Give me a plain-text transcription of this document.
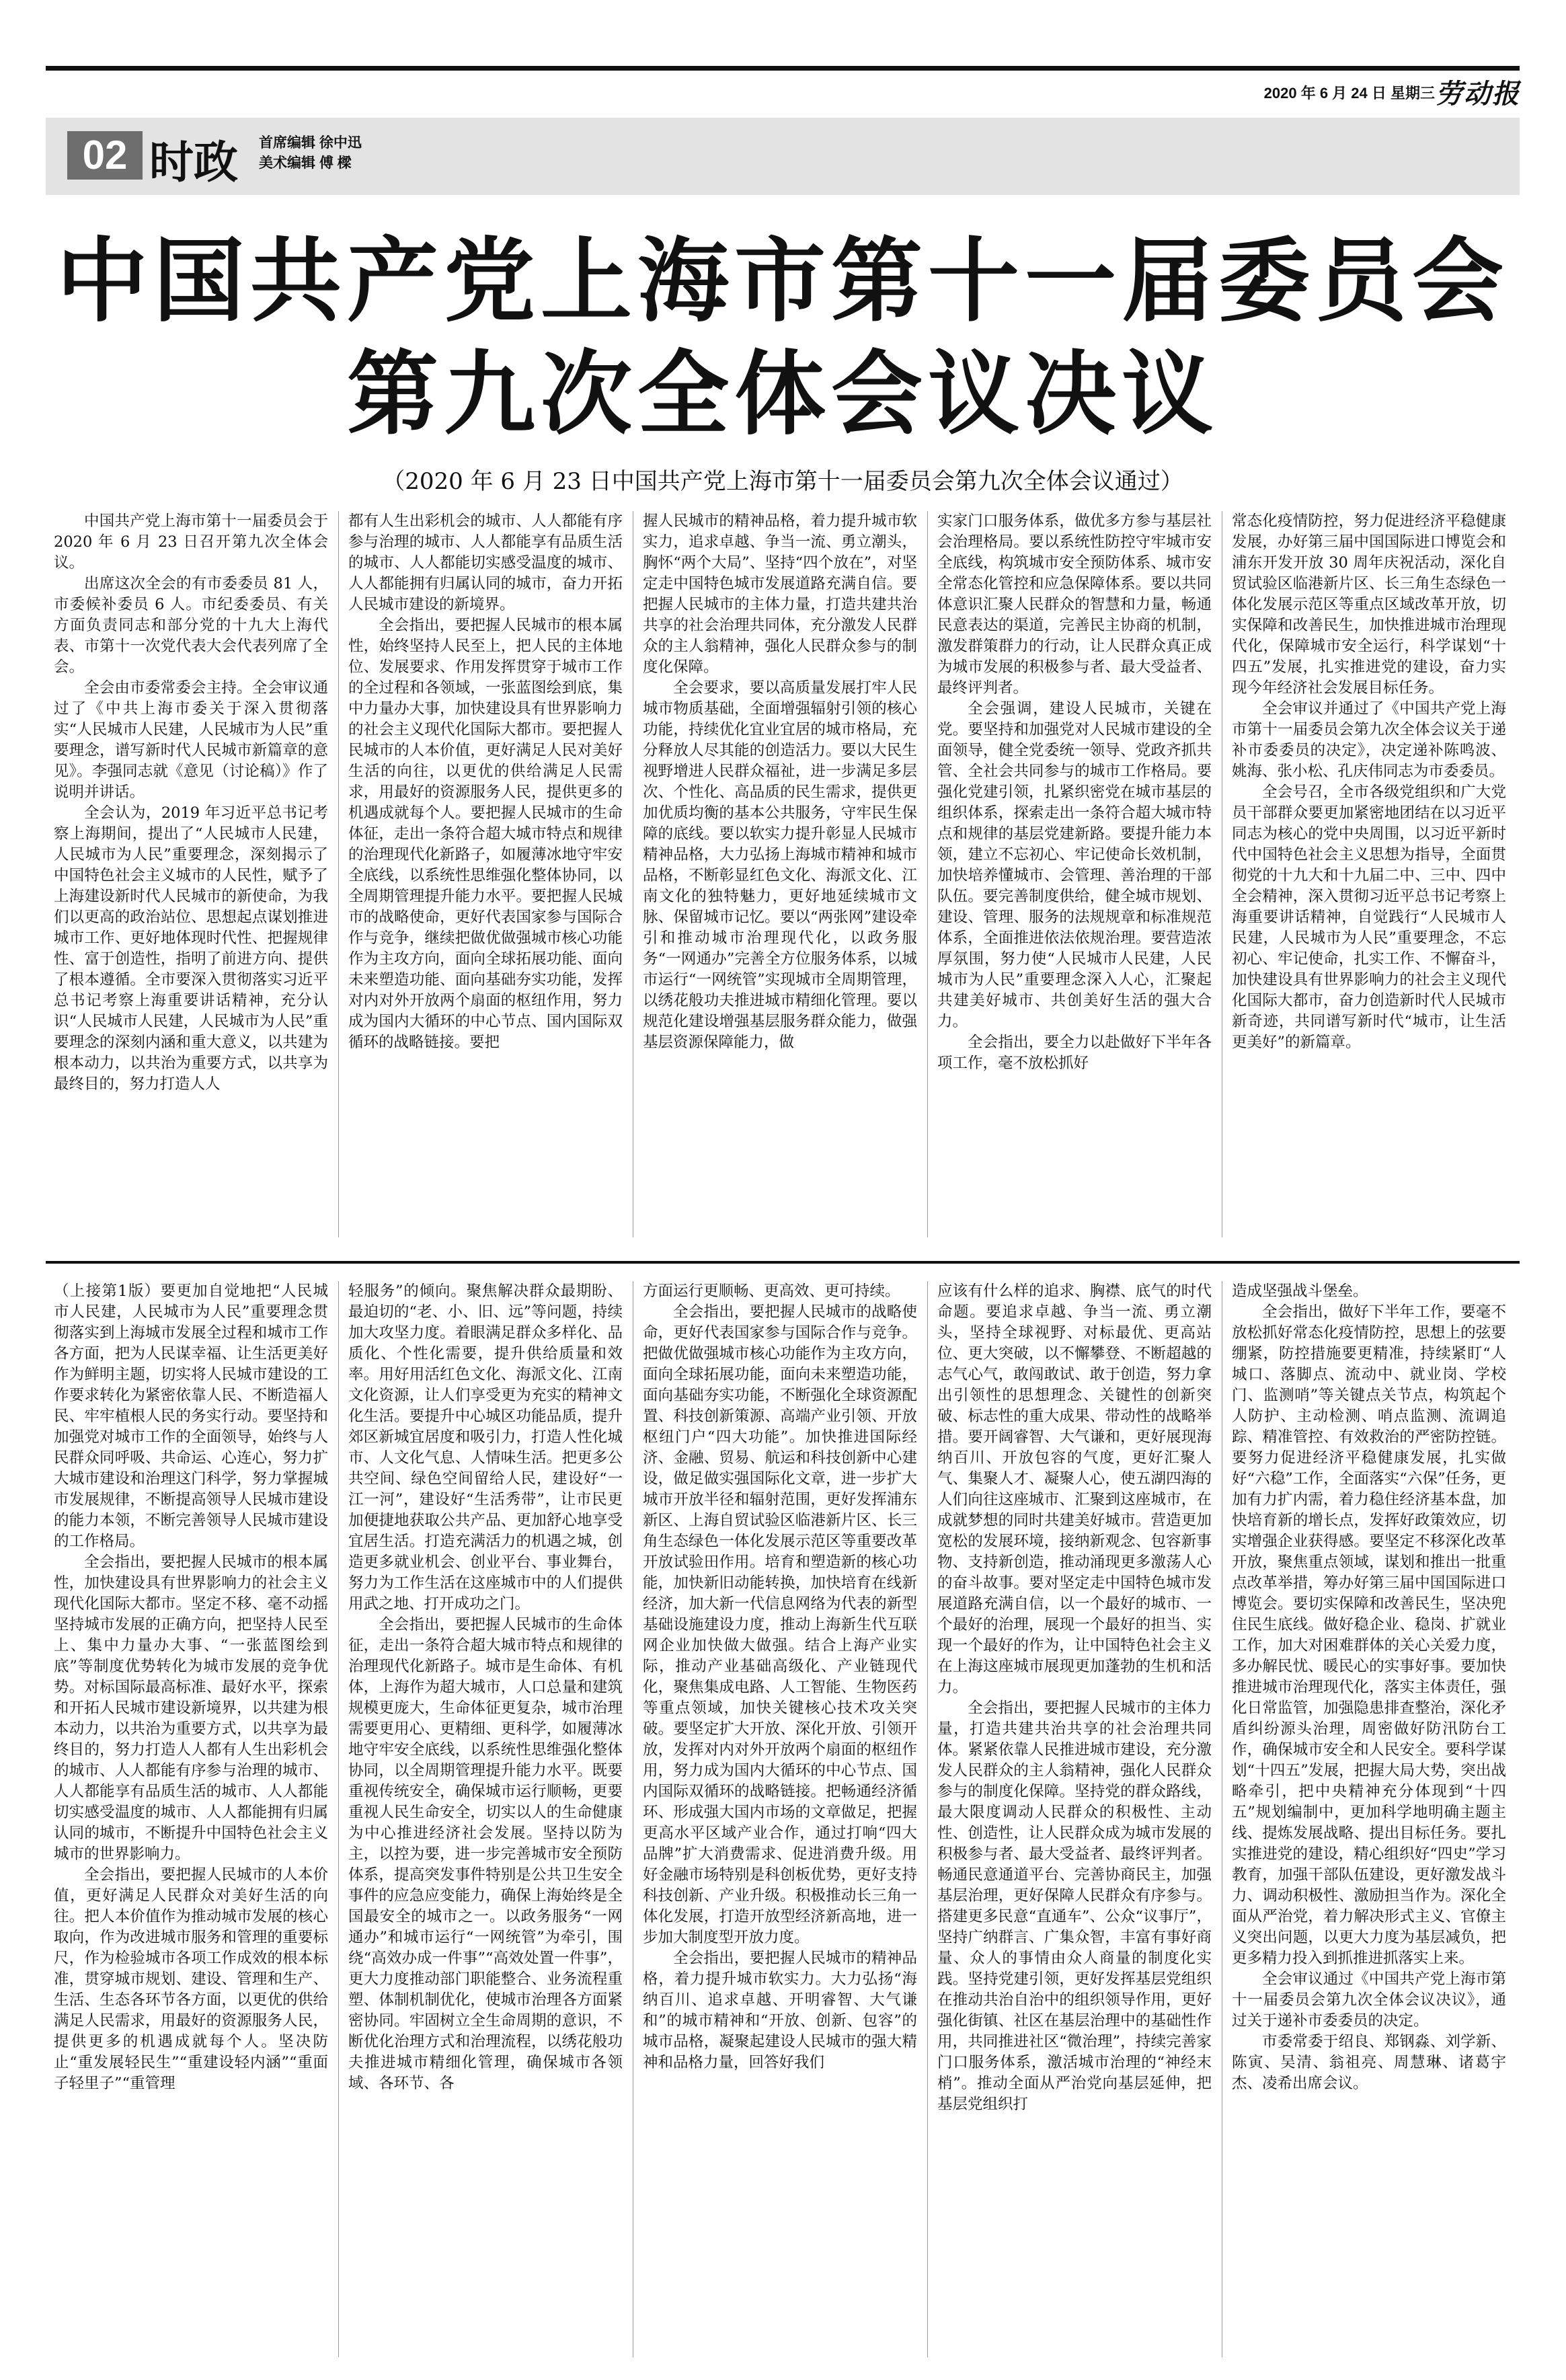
2020 年 6 月 24 日 星期三 劳动报
02 时政 首席编辑 徐中迅
美术编辑 傅 樑
中国共产党上海市第十一届委员会
第九次全体会议决议
（2020 年 6 月 23 日中国共产党上海市第十一届委员会第九次全体会议通过）

中国共产党上海市第十一届委员会于 2020 年 6 月 23 日召开第九次全体会议。

出席这次全会的有市委委员 81 人，市委候补委员 6 人。市纪委委员、有关方面负责同志和部分党的十九大上海代表、市第十一次党代表大会代表列席了全会。

全会由市委常委会主持。全会审议通过了《中共上海市委关于深入贯彻落实“人民城市人民建，人民城市为人民”重要理念，谱写新时代人民城市新篇章的意见》。李强同志就《意见（讨论稿）》作了说明并讲话。

全会认为，2019 年习近平总书记考察上海期间，提出了“人民城市人民建，人民城市为人民”重要理念，深刻揭示了中国特色社会主义城市的人民性，赋予了上海建设新时代人民城市的新使命，为我们以更高的政治站位、思想起点谋划推进城市工作、更好地体现时代性、把握规律性、富于创造性，指明了前进方向、提供了根本遵循。全市要深入贯彻落实习近平总书记考察上海重要讲话精神，充分认识“人民城市人民建，人民城市为人民”重要理念的深刻内涵和重大意义，以共建为根本动力，以共治为重要方式，以共享为最终目的，努力打造人人

都有人生出彩机会的城市、人人都能有序参与治理的城市、人人都能享有品质生活的城市、人人都能切实感受温度的城市、人人都能拥有归属认同的城市，奋力开拓人民城市建设的新境界。

全会指出，要把握人民城市的根本属性，始终坚持人民至上，把人民的主体地位、发展要求、作用发挥贯穿于城市工作的全过程和各领域，一张蓝图绘到底，集中力量办大事，加快建设具有世界影响力的社会主义现代化国际大都市。要把握人民城市的人本价值，更好满足人民对美好生活的向往，以更优的供给满足人民需求，用最好的资源服务人民，提供更多的机遇成就每个人。要把握人民城市的生命体征，走出一条符合超大城市特点和规律的治理现代化新路子，如履薄冰地守牢安全底线，以系统性思维强化整体协同，以全周期管理提升能力水平。要把握人民城市的战略使命，更好代表国家参与国际合作与竞争，继续把做优做强城市核心功能作为主攻方向，面向全球拓展功能、面向未来塑造功能、面向基础夯实功能，发挥对内对外开放两个扇面的枢纽作用，努力成为国内大循环的中心节点、国内国际双循环的战略链接。要把

握人民城市的精神品格，着力提升城市软实力，追求卓越、争当一流、勇立潮头，胸怀“两个大局”、坚持“四个放在”，对坚定走中国特色城市发展道路充满自信。要把握人民城市的主体力量，打造共建共治共享的社会治理共同体，充分激发人民群众的主人翁精神，强化人民群众参与的制度化保障。

全会要求，要以高质量发展打牢人民城市物质基础，全面增强辐射引领的核心功能，持续优化宜业宜居的城市格局，充分释放人尽其能的创造活力。要以大民生视野增进人民群众福祉，进一步满足多层次、个性化、高品质的民生需求，提供更加优质均衡的基本公共服务，守牢民生保障的底线。要以软实力提升彰显人民城市精神品格，大力弘扬上海城市精神和城市品格，不断彰显红色文化、海派文化、江南文化的独特魅力，更好地延续城市文脉、保留城市记忆。要以“两张网”建设牵引和推动城市治理现代化，以政务服务“一网通办”完善全方位服务体系，以城市运行“一网统管”实现城市全周期管理，以绣花般功夫推进城市精细化管理。要以规范化建设增强基层服务群众能力，做强基层资源保障能力，做

实家门口服务体系，做优多方参与基层社会治理格局。要以系统性防控守牢城市安全底线，构筑城市安全预防体系、城市安全常态化管控和应急保障体系。要以共同体意识汇聚人民群众的智慧和力量，畅通民意表达的渠道，完善民主协商的机制，激发群策群力的行动，让人民群众真正成为城市发展的积极参与者、最大受益者、最终评判者。

全会强调，建设人民城市，关键在党。要坚持和加强党对人民城市建设的全面领导，健全党委统一领导、党政齐抓共管、全社会共同参与的城市工作格局。要强化党建引领，扎紧织密党在城市基层的组织体系，探索走出一条符合超大城市特点和规律的基层党建新路。要提升能力本领，建立不忘初心、牢记使命长效机制，加快培养懂城市、会管理、善治理的干部队伍。要完善制度供给，健全城市规划、建设、管理、服务的法规规章和标准规范体系，全面推进依法依规治理。要营造浓厚氛围，努力使“人民城市人民建，人民城市为人民”重要理念深入人心，汇聚起共建美好城市、共创美好生活的强大合力。

全会指出，要全力以赴做好下半年各项工作，毫不放松抓好

常态化疫情防控，努力促进经济平稳健康发展，办好第三届中国国际进口博览会和浦东开发开放 30 周年庆祝活动，深化自贸试验区临港新片区、长三角生态绿色一体化发展示范区等重点区域改革开放，切实保障和改善民生，加快推进城市治理现代化，保障城市安全运行，科学谋划“十四五”发展，扎实推进党的建设，奋力实现今年经济社会发展目标任务。

全会审议并通过了《中国共产党上海市第十一届委员会第九次全体会议关于递补市委委员的决定》，决定递补陈鸣波、姚海、张小松、孔庆伟同志为市委委员。

全会号召，全市各级党组织和广大党员干部群众要更加紧密地团结在以习近平同志为核心的党中央周围，以习近平新时代中国特色社会主义思想为指导，全面贯彻党的十九大和十九届二中、三中、四中全会精神，深入贯彻习近平总书记考察上海重要讲话精神，自觉践行“人民城市人民建，人民城市为人民”重要理念，不忘初心、牢记使命，扎实工作、不懈奋斗，加快建设具有世界影响力的社会主义现代化国际大都市，奋力创造新时代人民城市新奇迹，共同谱写新时代“城市，让生活更美好”的新篇章。

（上接第1版）要更加自觉地把“人民城市人民建，人民城市为人民”重要理念贯彻落实到上海城市发展全过程和城市工作各方面，把为人民谋幸福、让生活更美好作为鲜明主题，切实将人民城市建设的工作要求转化为紧密依靠人民、不断造福人民、牢牢植根人民的务实行动。要坚持和加强党对城市工作的全面领导，始终与人民群众同呼吸、共命运、心连心，努力扩大城市建设和治理这门科学，努力掌握城市发展规律，不断提高领导人民城市建设的能力本领，不断完善领导人民城市建设的工作格局。

全会指出，要把握人民城市的根本属性，加快建设具有世界影响力的社会主义现代化国际大都市。坚定不移、毫不动摇坚持城市发展的正确方向，把坚持人民至上、集中力量办大事、“一张蓝图绘到底”等制度优势转化为城市发展的竞争优势。对标国际最高标准、最好水平，探索和开拓人民城市建设新境界，以共建为根本动力，以共治为重要方式，以共享为最终目的，努力打造人人都有人生出彩机会的城市、人人都能有序参与治理的城市、人人都能享有品质生活的城市、人人都能切实感受温度的城市、人人都能拥有归属认同的城市，不断提升中国特色社会主义城市的世界影响力。

全会指出，要把握人民城市的人本价值，更好满足人民群众对美好生活的向往。把人本价值作为推动城市发展的核心取向，作为改进城市服务和管理的重要标尺，作为检验城市各项工作成效的根本标准，贯穿城市规划、建设、管理和生产、生活、生态各环节各方面，以更优的供给满足人民需求，用最好的资源服务人民，提供更多的机遇成就每个人。坚决防止“重发展轻民生”“重建设轻内涵”“重面子轻里子”“重管理

轻服务”的倾向。聚焦解决群众最期盼、最迫切的“老、小、旧、远”等问题，持续加大攻坚力度。着眼满足群众多样化、品质化、个性化需要，提升供给质量和效率。用好用活红色文化、海派文化、江南文化资源，让人们享受更为充实的精神文化生活。要提升中心城区功能品质，提升郊区新城宜居度和吸引力，打造人性化城市、人文化气息、人情味生活。把更多公共空间、绿色空间留给人民，建设好“一江一河”，建设好“生活秀带”，让市民更加便捷地获取公共产品、更加舒心地享受宜居生活。打造充满活力的机遇之城，创造更多就业机会、创业平台、事业舞台，努力为工作生活在这座城市中的人们提供用武之地、打开成功之门。

全会指出，要把握人民城市的生命体征，走出一条符合超大城市特点和规律的治理现代化新路子。城市是生命体、有机体，上海作为超大城市，人口总量和建筑规模更庞大，生命体征更复杂，城市治理需要更用心、更精细、更科学，如履薄冰地守牢安全底线，以系统性思维强化整体协同，以全周期管理提升能力水平。既要重视传统安全，确保城市运行顺畅，更要重视人民生命安全，切实以人的生命健康为中心推进经济社会发展。坚持以防为主，以控为要，进一步完善城市安全预防体系，提高突发事件特别是公共卫生安全事件的应急应变能力，确保上海始终是全国最安全的城市之一。以政务服务“一网通办”和城市运行“一网统管”为牵引，围绕“高效办成一件事”“高效处置一件事”，更大力度推动部门职能整合、业务流程重塑、体制机制优化，使城市治理各方面紧密协同。牢固树立全生命周期的意识，不断优化治理方式和治理流程，以绣花般功夫推进城市精细化管理，确保城市各领域、各环节、各

方面运行更顺畅、更高效、更可持续。

全会指出，要把握人民城市的战略使命，更好代表国家参与国际合作与竞争。把做优做强城市核心功能作为主攻方向，面向全球拓展功能，面向未来塑造功能，面向基础夯实功能，不断强化全球资源配置、科技创新策源、高端产业引领、开放枢纽门户“四大功能”。加快推进国际经济、金融、贸易、航运和科技创新中心建设，做足做实强国际化文章，进一步扩大城市开放半径和辐射范围，更好发挥浦东新区、上海自贸试验区临港新片区、长三角生态绿色一体化发展示范区等重要改革开放试验田作用。培育和塑造新的核心功能，加快新旧动能转换，加快培育在线新经济，加大新一代信息网络为代表的新型基础设施建设力度，推动上海新生代互联网企业加快做大做强。结合上海产业实际，推动产业基础高级化、产业链现代化，聚焦集成电路、人工智能、生物医药等重点领域，加快关键核心技术攻关突破。要坚定扩大开放、深化开放、引领开放，发挥对内对外开放两个扇面的枢纽作用，努力成为国内大循环的中心节点、国内国际双循环的战略链接。把畅通经济循环、形成强大国内市场的文章做足，把握更高水平区域产业合作，通过打响“四大品牌”扩大消费需求、促进消费升级。用好金融市场特别是科创板优势，更好支持科技创新、产业升级。积极推动长三角一体化发展，打造开放型经济新高地，进一步加大制度型开放力度。

全会指出，要把握人民城市的精神品格，着力提升城市软实力。大力弘扬“海纳百川、追求卓越、开明睿智、大气谦和”的城市精神和“开放、创新、包容”的城市品格，凝聚起建设人民城市的强大精神和品格力量，回答好我们

应该有什么样的追求、胸襟、底气的时代命题。要追求卓越、争当一流、勇立潮头，坚持全球视野、对标最优、更高站位、更大突破，以不懈攀登、不断超越的志气心气，敢闯敢试、敢于创造，努力拿出引领性的思想理念、关键性的创新突破、标志性的重大成果、带动性的战略举措。要开阔睿智、大气谦和，更好展现海纳百川、开放包容的气度，更好汇聚人气、集聚人才、凝聚人心，使五湖四海的人们向往这座城市、汇聚到这座城市，在成就梦想的同时共建美好城市。营造更加宽松的发展环境，接纳新观念、包容新事物、支持新创造，推动涌现更多激荡人心的奋斗故事。要对坚定走中国特色城市发展道路充满自信，以一个最好的城市、一个最好的治理，展现一个最好的担当、实现一个最好的作为，让中国特色社会主义在上海这座城市展现更加蓬勃的生机和活力。

全会指出，要把握人民城市的主体力量，打造共建共治共享的社会治理共同体。紧紧依靠人民推进城市建设，充分激发人民群众的主人翁精神，强化人民群众参与的制度化保障。坚持党的群众路线，最大限度调动人民群众的积极性、主动性、创造性，让人民群众成为城市发展的积极参与者、最大受益者、最终评判者。畅通民意通道平台、完善协商民主，加强基层治理，更好保障人民群众有序参与。搭建更多民意“直通车”、公众“议事厅”，坚持广纳群言、广集众智，丰富有事好商量、众人的事情由众人商量的制度化实践。坚持党建引领，更好发挥基层党组织在推动共治自治中的组织领导作用，更好强化街镇、社区在基层治理中的基础性作用，共同推进社区“微治理”，持续完善家门口服务体系，激活城市治理的“神经末梢”。推动全面从严治党向基层延伸，把基层党组织打

造成坚强战斗堡垒。

全会指出，做好下半年工作，要毫不放松抓好常态化疫情防控，思想上的弦要绷紧，防控措施要更精准，持续紧盯“人城口、落脚点、流动中、就业岗、学校门、监测哨”等关键点关节点，构筑起个人防护、主动检测、哨点监测、流调追踪、精准管控、有效救治的严密防控链。要努力促进经济平稳健康发展，扎实做好“六稳”工作，全面落实“六保”任务，更加有力扩内需，着力稳住经济基本盘，加快培育新的增长点，发挥好政策效应，切实增强企业获得感。要坚定不移深化改革开放，聚焦重点领域，谋划和推出一批重点改革举措，筹办好第三届中国国际进口博览会。要切实保障和改善民生，坚决兜住民生底线。做好稳企业、稳岗、扩就业工作，加大对困难群体的关心关爱力度，多办解民忧、暖民心的实事好事。要加快推进城市治理现代化，落实主体责任，强化日常监管，加强隐患排查整治，深化矛盾纠纷源头治理，周密做好防汛防台工作，确保城市安全和人民安全。要科学谋划“十四五”发展，把握大局大势，突出战略牵引，把中央精神充分体现到“十四五”规划编制中，更加科学地明确主题主线、提炼发展战略、提出目标任务。要扎实推进党的建设，精心组织好“四史”学习教育，加强干部队伍建设，更好激发战斗力、调动积极性、激励担当作为。深化全面从严治党，着力解决形式主义、官僚主义突出问题，以更大力度为基层减负，把更多精力投入到抓推进抓落实上来。

全会审议通过《中国共产党上海市第十一届委员会第九次全体会议决议》，通过关于递补市委委员的决定。

市委常委于绍良、郑钢淼、刘学新、陈寅、吴清、翁祖亮、周慧琳、诸葛宇杰、凌希出席会议。
